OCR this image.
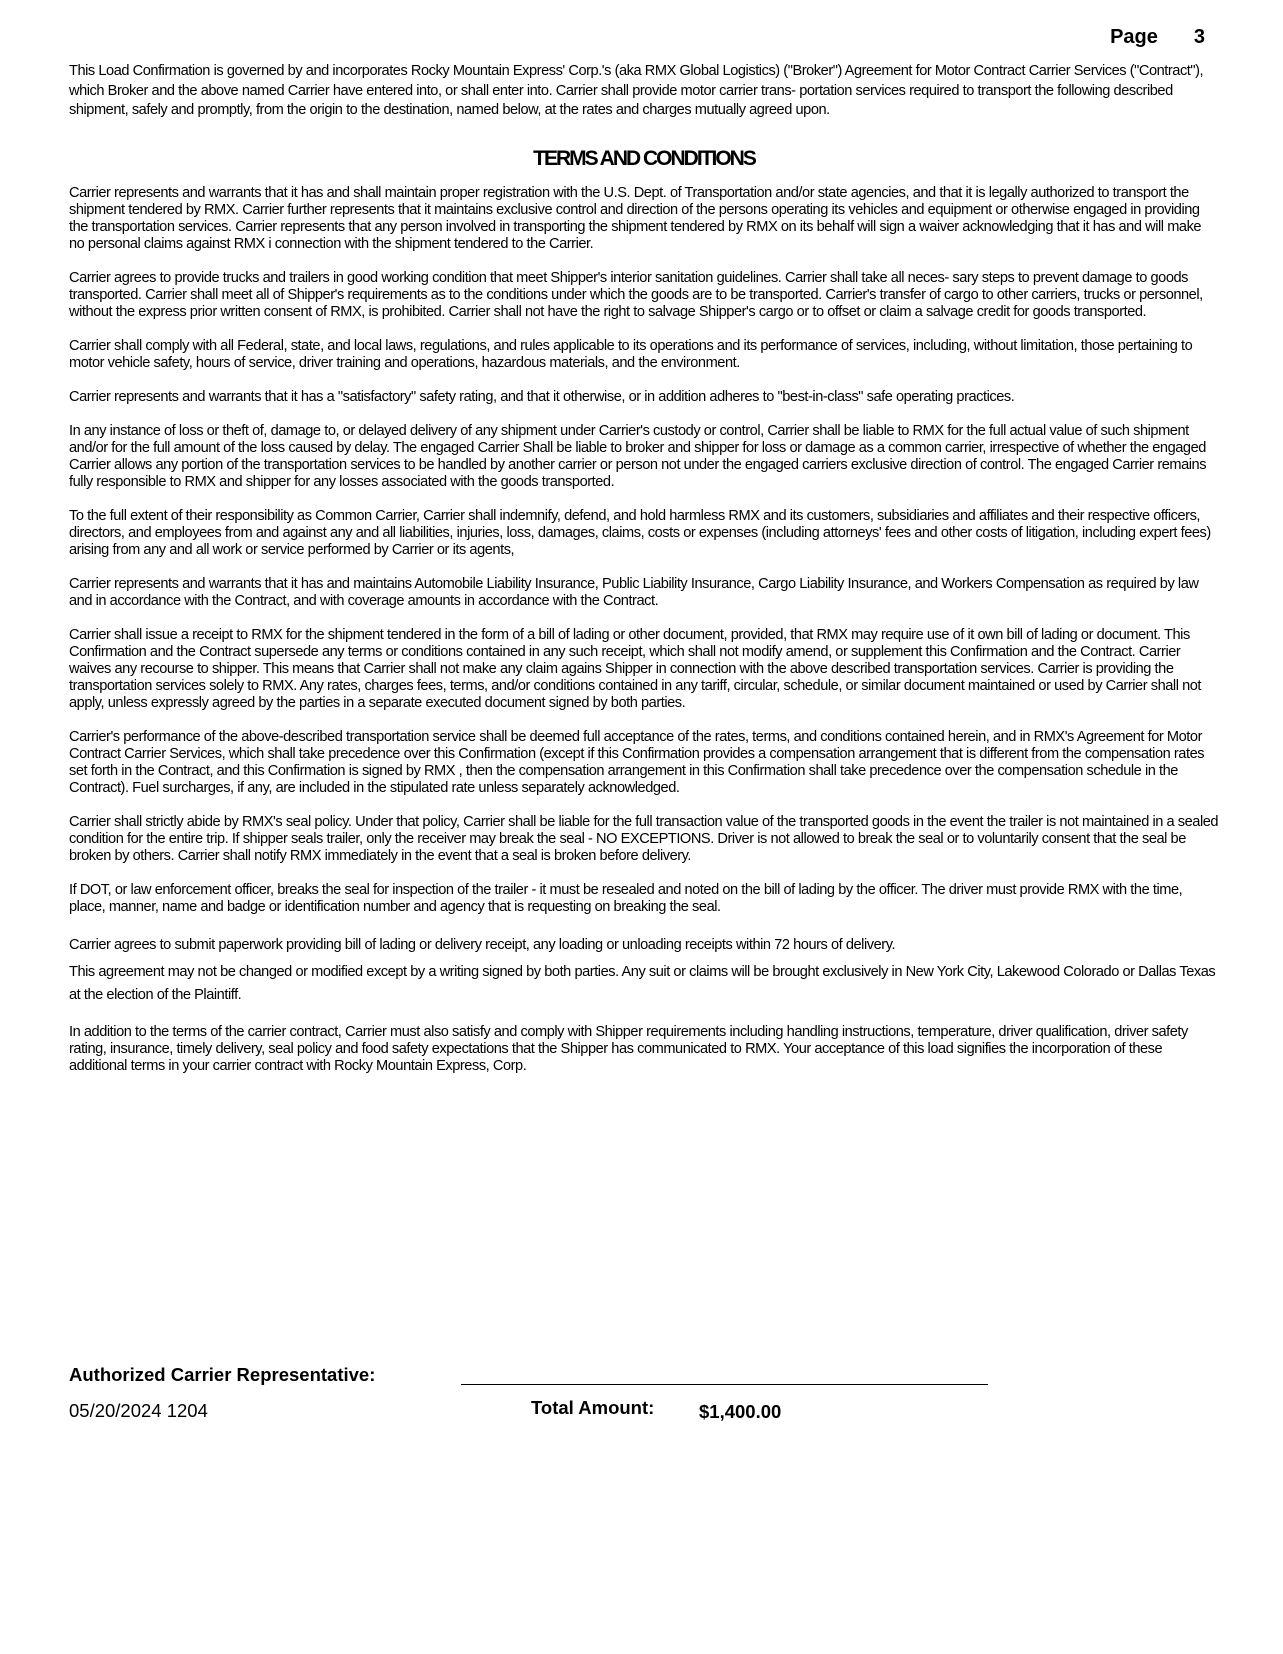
Page 3

This Load Confirmation is governed by and incorporates Rocky Mountain Express' Corp.'s (aka RMX Global Logistics) ("Broker") Agreement for Motor Contract Carrier Services ("Contract"), which Broker and the above named Carrier have entered into, or shall enter into. Carrier shall provide motor carrier trans- portation services required to transport the following described shipment, safely and promptly, from the origin to the destination, named below, at the rates and charges mutually agreed upon.

TERMS AND CONDITIONS

Carrier represents and warrants that it has and shall maintain proper registration with the U.S. Dept. of Transportation and/or state agencies, and that it is legally authorized to transport the shipment tendered by RMX. Carrier further represents that it maintains exclusive control and direction of the persons operating its vehicles and equipment or otherwise engaged in providing the transportation services. Carrier represents that any person involved in transporting the shipment tendered by RMX on its behalf will sign a waiver acknowledging that it has and will make no personal claims against RMX i connection with the shipment tendered to the Carrier.

Carrier agrees to provide trucks and trailers in good working condition that meet Shipper's interior sanitation guidelines. Carrier shall take all neces- sary steps to prevent damage to goods transported. Carrier shall meet all of Shipper's requirements as to the conditions under which the goods are to be transported. Carrier's transfer of cargo to other carriers, trucks or personnel, without the express prior written consent of RMX, is prohibited. Carrier shall not have the right to salvage Shipper's cargo or to offset or claim a salvage credit for goods transported.

Carrier shall comply with all Federal, state, and local laws, regulations, and rules applicable to its operations and its performance of services, including, without limitation, those pertaining to motor vehicle safety, hours of service, driver training and operations, hazardous materials, and the environment.

Carrier represents and warrants that it has a "satisfactory" safety rating, and that it otherwise, or in addition adheres to "best-in-class" safe operating practices.

In any instance of loss or theft of, damage to, or delayed delivery of any shipment under Carrier's custody or control, Carrier shall be liable to RMX for the full actual value of such shipment and/or for the full amount of the loss caused by delay. The engaged Carrier Shall be liable to broker and shipper for loss or damage as a common carrier, irrespective of whether the engaged Carrier allows any portion of the transportation services to be handled by another carrier or person not under the engaged carriers exclusive direction of control. The engaged Carrier remains fully responsible to RMX and shipper for any losses associated with the goods transported.

To the full extent of their responsibility as Common Carrier, Carrier shall indemnify, defend, and hold harmless RMX and its customers, subsidiaries and affiliates and their respective officers, directors, and employees from and against any and all liabilities, injuries, loss, damages, claims, costs or expenses (including attorneys' fees and other costs of litigation, including expert fees) arising from any and all work or service performed by Carrier or its agents,

Carrier represents and warrants that it has and maintains Automobile Liability Insurance, Public Liability Insurance, Cargo Liability Insurance, and Workers Compensation as required by law and in accordance with the Contract, and with coverage amounts in accordance with the Contract.

Carrier shall issue a receipt to RMX for the shipment tendered in the form of a bill of lading or other document, provided, that RMX may require use of it own bill of lading or document. This Confirmation and the Contract supersede any terms or conditions contained in any such receipt, which shall not modify amend, or supplement this Confirmation and the Contract. Carrier waives any recourse to shipper. This means that Carrier shall not make any claim agains Shipper in connection with the above described transportation services. Carrier is providing the transportation services solely to RMX. Any rates, charges fees, terms, and/or conditions contained in any tariff, circular, schedule, or similar document maintained or used by Carrier shall not apply, unless expressly agreed by the parties in a separate executed document signed by both parties.

Carrier's performance of the above-described transportation service shall be deemed full acceptance of the rates, terms, and conditions contained herein, and in RMX's Agreement for Motor Contract Carrier Services, which shall take precedence over this Confirmation (except if this Confirmation provides a compensation arrangement that is different from the compensation rates set forth in the Contract, and this Confirmation is signed by RMX , then the compensation arrangement in this Confirmation shall take precedence over the compensation schedule in the Contract). Fuel surcharges, if any, are included in the stipulated rate unless separately acknowledged.

Carrier shall strictly abide by RMX's seal policy. Under that policy, Carrier shall be liable for the full transaction value of the transported goods in the event the trailer is not maintained in a sealed condition for the entire trip. If shipper seals trailer, only the receiver may break the seal - NO EXCEPTIONS. Driver is not allowed to break the seal or to voluntarily consent that the seal be broken by others. Carrier shall notify RMX immediately in the event that a seal is broken before delivery.

If DOT, or law enforcement officer, breaks the seal for inspection of the trailer - it must be resealed and noted on the bill of lading by the officer. The driver must provide RMX with the time, place, manner, name and badge or identification number and agency that is requesting on breaking the seal.

Carrier agrees to submit paperwork providing bill of lading or delivery receipt, any loading or unloading receipts within 72 hours of delivery.

This agreement may not be changed or modified except by a writing signed by both parties. Any suit or claims will be brought exclusively in New York City, Lakewood Colorado or Dallas Texas at the election of the Plaintiff.

In addition to the terms of the carrier contract, Carrier must also satisfy and comply with Shipper requirements including handling instructions, temperature, driver qualification, driver safety rating, insurance, timely delivery, seal policy and food safety expectations that the Shipper has communicated to RMX. Your acceptance of this load signifies the incorporation of these additional terms in your carrier contract with Rocky Mountain Express, Corp.

Authorized Carrier Representative:
05/20/2024 1204	Total Amount: $1,400.00
